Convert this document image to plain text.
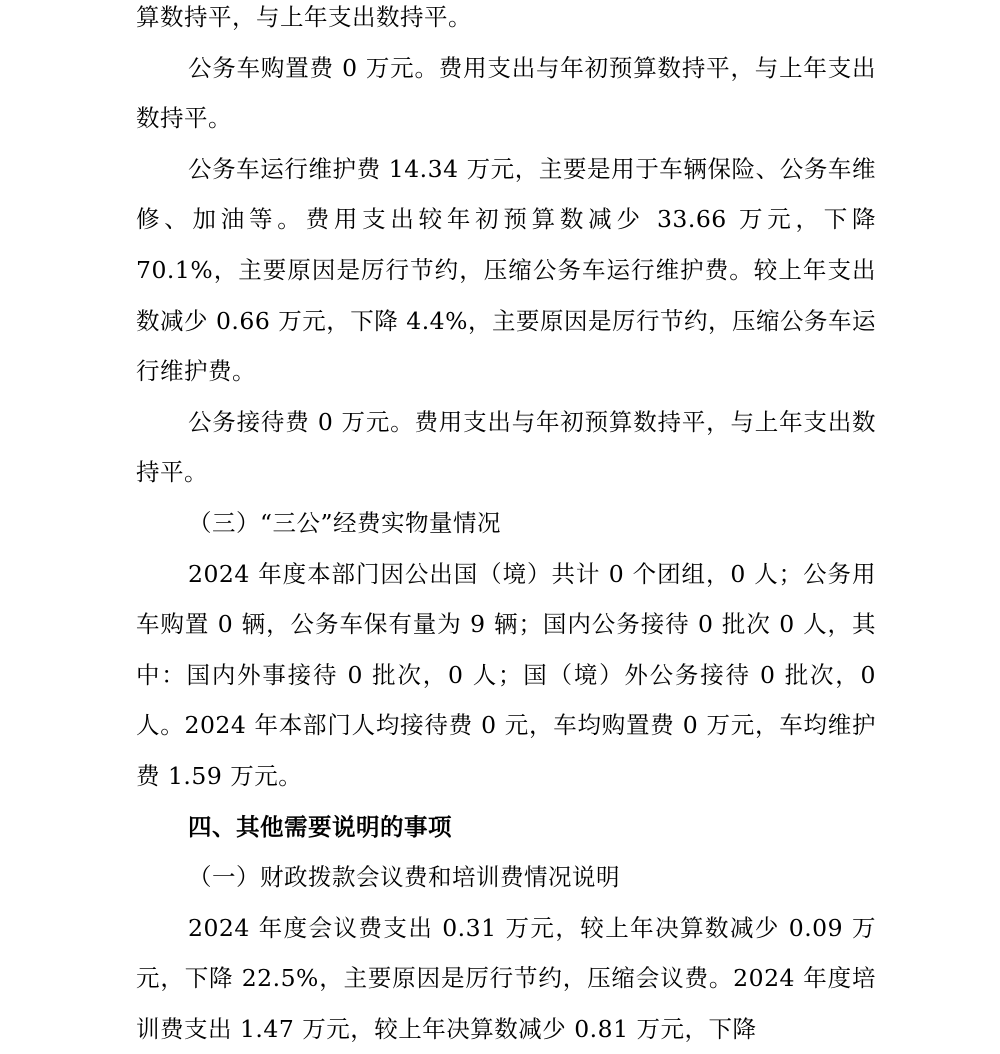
算数持平，与上年支出数持平。

公务车购置费 0 万元。费用支出与年初预算数持平，与上年支出数持平。

公务车运行维护费 14.34 万元，主要是用于车辆保险、公务车维修、加油等。费用支出较年初预算数减少 33.66 万元，下降 70.1%，主要原因是厉行节约，压缩公务车运行维护费。较上年支出数减少 0.66 万元，下降 4.4%，主要原因是厉行节约，压缩公务车运行维护费。

公务接待费 0 万元。费用支出与年初预算数持平，与上年支出数持平。

（三）“三公”经费实物量情况

2024 年度本部门因公出国（境）共计 0 个团组，0 人；公务用车购置 0 辆，公务车保有量为 9 辆；国内公务接待 0 批次 0 人，其中：国内外事接待 0 批次，0 人；国（境）外公务接待 0 批次，0 人。2024 年本部门人均接待费 0 元，车均购置费 0 万元，车均维护费 1.59 万元。

四、其他需要说明的事项

（一）财政拨款会议费和培训费情况说明

2024 年度会议费支出 0.31 万元，较上年决算数减少 0.09 万元，下降 22.5%，主要原因是厉行节约，压缩会议费。2024 年度培训费支出 1.47 万元，较上年决算数减少 0.81 万元，下降
